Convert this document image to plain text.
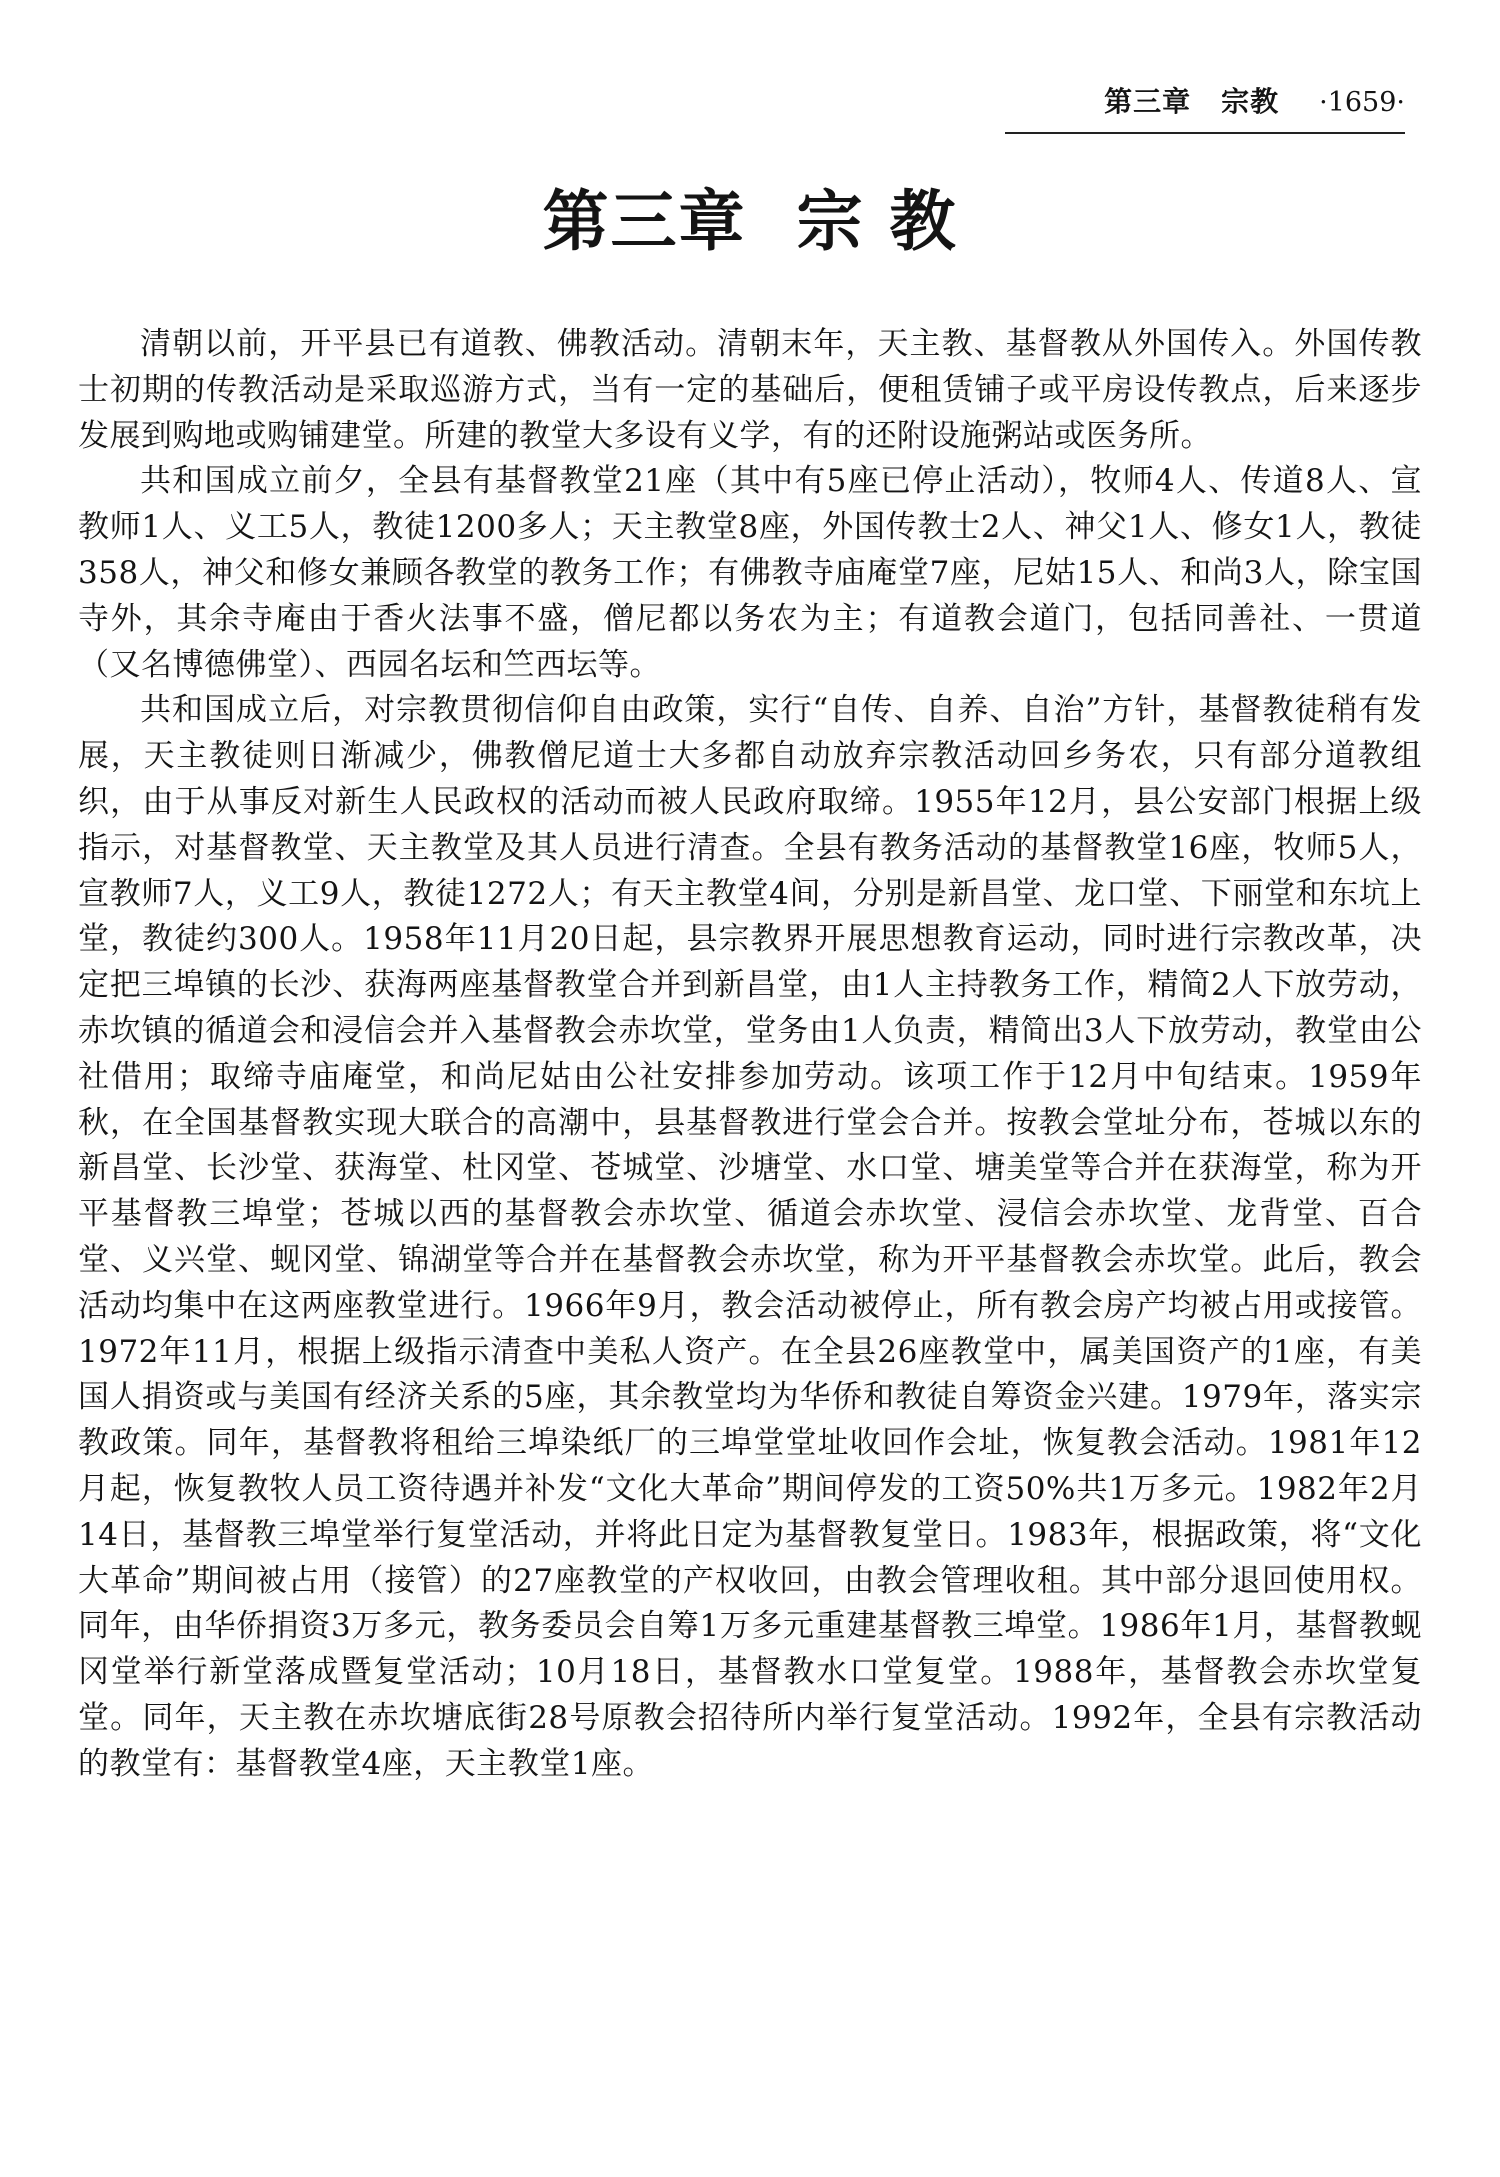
第三章 宗教 ·1659·
第三章 宗 教

清朝以前，开平县已有道教、佛教活动。清朝末年，天主教、基督教从外国传入。外国传教士初期的传教活动是采取巡游方式，当有一定的基础后，便租赁铺子或平房设传教点，后来逐步发展到购地或购铺建堂。所建的教堂大多设有义学，有的还附设施粥站或医务所。

共和国成立前夕，全县有基督教堂21座（其中有5座已停止活动），牧师4人、传道8人、宣教师1人、义工5人，教徒1200多人；天主教堂8座，外国传教士2人、神父1人、修女1人，教徒358人，神父和修女兼顾各教堂的教务工作；有佛教寺庙庵堂7座，尼姑15人、和尚3人，除宝国寺外，其余寺庵由于香火法事不盛，僧尼都以务农为主；有道教会道门，包括同善社、一贯道（又名博德佛堂）、西园名坛和竺西坛等。

共和国成立后，对宗教贯彻信仰自由政策，实行“自传、自养、自治”方针，基督教徒稍有发展，天主教徒则日渐减少，佛教僧尼道士大多都自动放弃宗教活动回乡务农，只有部分道教组织，由于从事反对新生人民政权的活动而被人民政府取缔。1955年12月，县公安部门根据上级指示，对基督教堂、天主教堂及其人员进行清查。全县有教务活动的基督教堂16座，牧师5人，宣教师7人，义工9人，教徒1272人；有天主教堂4间，分别是新昌堂、龙口堂、下丽堂和东坑上堂，教徒约300人。1958年11月20日起，县宗教界开展思想教育运动，同时进行宗教改革，决定把三埠镇的长沙、获海两座基督教堂合并到新昌堂，由1人主持教务工作，精简2人下放劳动，赤坎镇的循道会和浸信会并入基督教会赤坎堂，堂务由1人负责，精简出3人下放劳动，教堂由公社借用；取缔寺庙庵堂，和尚尼姑由公社安排参加劳动。该项工作于12月中旬结束。1959年秋，在全国基督教实现大联合的高潮中，县基督教进行堂会合并。按教会堂址分布，苍城以东的新昌堂、长沙堂、获海堂、杜冈堂、苍城堂、沙塘堂、水口堂、塘美堂等合并在获海堂，称为开平基督教三埠堂；苍城以西的基督教会赤坎堂、循道会赤坎堂、浸信会赤坎堂、龙背堂、百合堂、义兴堂、蚬冈堂、锦湖堂等合并在基督教会赤坎堂，称为开平基督教会赤坎堂。此后，教会活动均集中在这两座教堂进行。1966年9月，教会活动被停止，所有教会房产均被占用或接管。1972年11月，根据上级指示清查中美私人资产。在全县26座教堂中，属美国资产的1座，有美国人捐资或与美国有经济关系的5座，其余教堂均为华侨和教徒自筹资金兴建。1979年，落实宗教政策。同年，基督教将租给三埠染纸厂的三埠堂堂址收回作会址，恢复教会活动。1981年12月起，恢复教牧人员工资待遇并补发“文化大革命”期间停发的工资50%共1万多元。1982年2月14日，基督教三埠堂举行复堂活动，并将此日定为基督教复堂日。1983年，根据政策，将“文化大革命”期间被占用（接管）的27座教堂的产权收回，由教会管理收租。其中部分退回使用权。同年，由华侨捐资3万多元，教务委员会自筹1万多元重建基督教三埠堂。1986年1月，基督教蚬冈堂举行新堂落成暨复堂活动；10月18日，基督教水口堂复堂。1988年，基督教会赤坎堂复堂。同年，天主教在赤坎塘底街28号原教会招待所内举行复堂活动。1992年，全县有宗教活动的教堂有：基督教堂4座，天主教堂1座。
